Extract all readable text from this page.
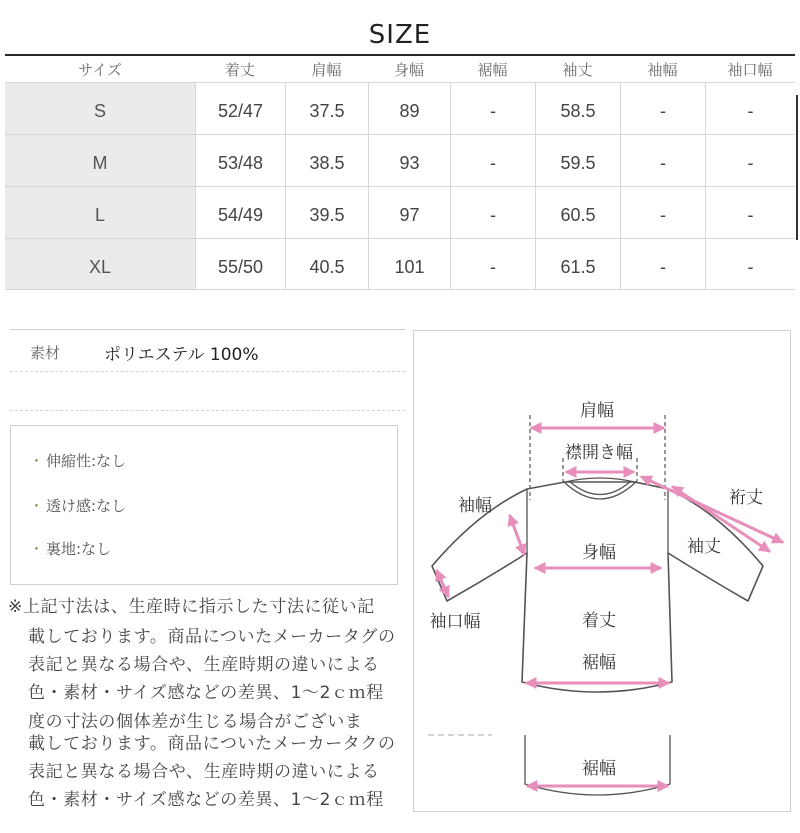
SIZE
サイズ	着丈	肩幅	身幅	裾幅	袖丈	袖幅	袖口幅
S	52/47	37.5	89	-	58.5	-	-
M	53/48	38.5	93	-	59.5	-	-
L	54/49	39.5	97	-	60.5	-	-
XL	55/50	40.5	101	-	61.5	-	-
素材	ポリエステル 100%
・ 伸縮性:なし
・ 透け感:なし
・ 裏地:なし
※上記寸法は、生産時に指示した寸法に従い記
載しております。商品についたメーカータグの
表記と異なる場合や、生産時期の違いによる
色・素材・サイズ感などの差異、1～2ｃｍ程
度の寸法の個体差が生じる場合がございま
載しております。商品についたメーカータクの
表記と異なる場合や、生産時期の違いによる
色・素材・サイズ感などの差異、1～2ｃｍ程
肩幅
襟開き幅
袖幅	裄丈
袖丈
身幅
着丈
裾幅
袖口幅
裾幅
